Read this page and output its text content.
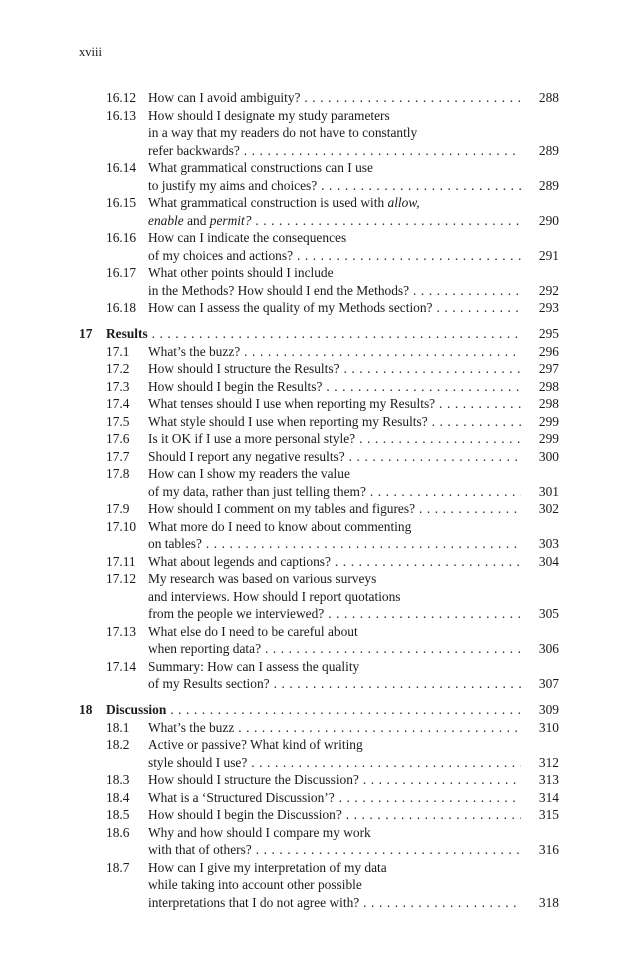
xviii
16.12 How can I avoid ambiguity? . . .	288
16.13 How should I designate my study parameters
in a way that my readers do not have to constantly
refer backwards? . . .	289
16.14 What grammatical constructions can I use
to justify my aims and choices? . . .	289
16.15 What grammatical construction is used with allow,
enable and permit? . . .	290
16.16 How can I indicate the consequences
of my choices and actions? . . .	291
16.17 What other points should I include
in the Methods? How should I end the Methods? . . .	292
16.18 How can I assess the quality of my Methods section? . . .	293
17 Results . . .	295
17.1 What’s the buzz? . . .	296
17.2 How should I structure the Results? . . .	297
17.3 How should I begin the Results? . . .	298
17.4 What tenses should I use when reporting my Results? . . .	298
17.5 What style should I use when reporting my Results? . . .	299
17.6 Is it OK if I use a more personal style? . . .	299
17.7 Should I report any negative results? . . .	300
17.8 How can I show my readers the value
of my data, rather than just telling them? . . .	301
17.9 How should I comment on my tables and figures? . . .	302
17.10 What more do I need to know about commenting
on tables? . . .	303
17.11 What about legends and captions? . . .	304
17.12 My research was based on various surveys
and interviews. How should I report quotations
from the people we interviewed? . . .	305
17.13 What else do I need to be careful about
when reporting data? . . .	306
17.14 Summary: How can I assess the quality
of my Results section? . . .	307
18 Discussion . . .	309
18.1 What’s the buzz . . .	310
18.2 Active or passive? What kind of writing
style should I use? . . .	312
18.3 How should I structure the Discussion? . . .	313
18.4 What is a ‘Structured Discussion’? . . .	314
18.5 How should I begin the Discussion? . . .	315
18.6 Why and how should I compare my work
with that of others? . . .	316
18.7 How can I give my interpretation of my data
while taking into account other possible
interpretations that I do not agree with? . . .	318
